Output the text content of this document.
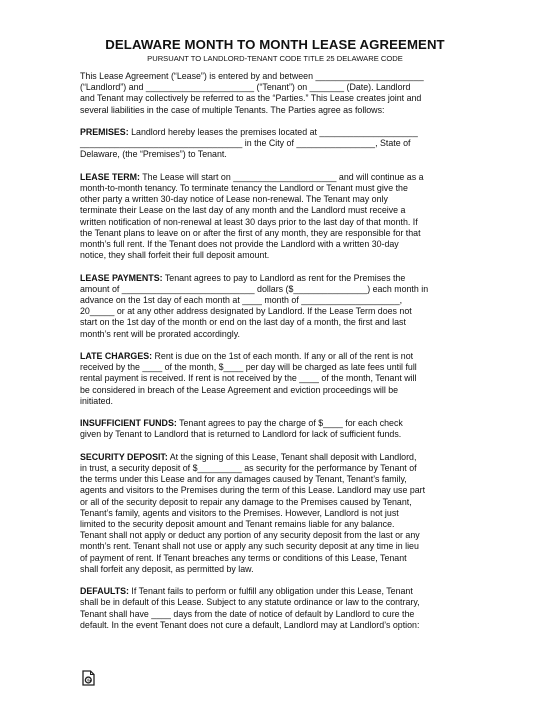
DELAWARE MONTH TO MONTH LEASE AGREEMENT
PURSUANT TO LANDLORD-TENANT CODE TITLE 25 DELAWARE CODE

This Lease Agreement (“Lease”) is entered by and between ______________________
(“Landlord”) and ______________________ (“Tenant”) on _______ (Date). Landlord
and Tenant may collectively be referred to as the “Parties.” This Lease creates joint and
several liabilities in the case of multiple Tenants. The Parties agree as follows:

PREMISES: Landlord hereby leases the premises located at ____________________
_________________________________ in the City of ________________, State of
Delaware, (the “Premises”) to Tenant.

LEASE TERM: The Lease will start on _____________________ and will continue as a
month-to-month tenancy. To terminate tenancy the Landlord or Tenant must give the
other party a written 30-day notice of Lease non-renewal. The Tenant may only
terminate their Lease on the last day of any month and the Landlord must receive a
written notification of non-renewal at least 30 days prior to the last day of that month. If
the Tenant plans to leave on or after the first of any month, they are responsible for that
month’s full rent. If the Tenant does not provide the Landlord with a written 30-day
notice, they shall forfeit their full deposit amount.

LEASE PAYMENTS: Tenant agrees to pay to Landlord as rent for the Premises the
amount of ___________________________ dollars ($_______________) each month in
advance on the 1st day of each month at ____ month of ____________________,
20_____ or at any other address designated by Landlord. If the Lease Term does not
start on the 1st day of the month or end on the last day of a month, the first and last
month’s rent will be prorated accordingly.

LATE CHARGES: Rent is due on the 1st of each month. If any or all of the rent is not
received by the ____ of the month, $____ per day will be charged as late fees until full
rental payment is received. If rent is not received by the ____ of the month, Tenant will
be considered in breach of the Lease Agreement and eviction proceedings will be
initiated.

INSUFFICIENT FUNDS: Tenant agrees to pay the charge of $____ for each check
given by Tenant to Landlord that is returned to Landlord for lack of sufficient funds.

SECURITY DEPOSIT: At the signing of this Lease, Tenant shall deposit with Landlord,
in trust, a security deposit of $_________ as security for the performance by Tenant of
the terms under this Lease and for any damages caused by Tenant, Tenant’s family,
agents and visitors to the Premises during the term of this Lease. Landlord may use part
or all of the security deposit to repair any damage to the Premises caused by Tenant,
Tenant’s family, agents and visitors to the Premises. However, Landlord is not just
limited to the security deposit amount and Tenant remains liable for any balance.
Tenant shall not apply or deduct any portion of any security deposit from the last or any
month’s rent. Tenant shall not use or apply any such security deposit at any time in lieu
of payment of rent. If Tenant breaches any terms or conditions of this Lease, Tenant
shall forfeit any deposit, as permitted by law.

DEFAULTS: If Tenant fails to perform or fulfill any obligation under this Lease, Tenant
shall be in default of this Lease. Subject to any statute ordinance or law to the contrary,
Tenant shall have ____ days from the date of notice of default by Landlord to cure the
default. In the event Tenant does not cure a default, Landlord may at Landlord’s option:
